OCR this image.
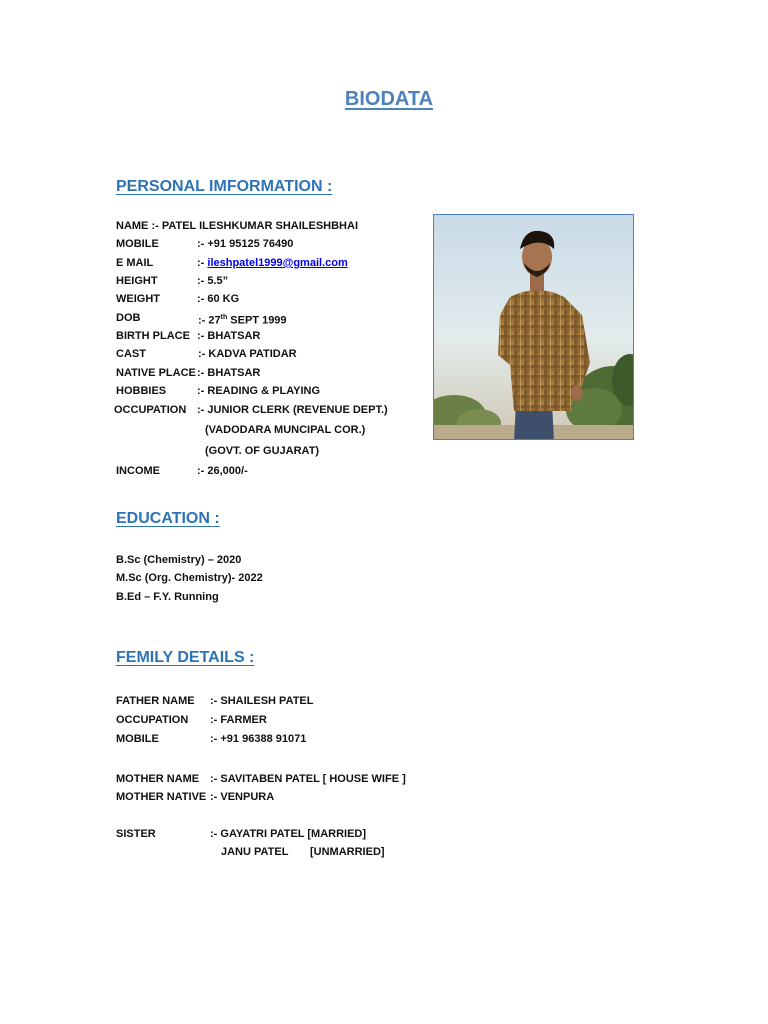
BIODATA
PERSONAL IMFORMATION :
NAME :- PATEL ILESHKUMAR SHAILESHBHAI
MOBILE	:- +91 95125 76490
E MAIL	:- ileshpatel1999@gmail.com
HEIGHT	:- 5.5”
WEIGHT	:- 60 KG
DOB	:- 27th SEPT 1999
BIRTH PLACE :- BHATSAR
CAST	:- KADVA PATIDAR
NATIVE PLACE :- BHATSAR
HOBBIES	:- READING & PLAYING
OCCUPATION :- JUNIOR CLERK (REVENUE DEPT.)
(VADODARA MUNCIPAL COR.)
(GOVT. OF GUJARAT)
INCOME	:- 26,000/-
EDUCATION :
B.Sc (Chemistry) – 2020
M.Sc (Org. Chemistry)- 2022
B.Ed – F.Y. Running
FEMILY DETAILS :
FATHER NAME :- SHAILESH PATEL
OCCUPATION :- FARMER
MOBILE	:- +91 96388 91071
MOTHER NAME :- SAVITABEN PATEL [ HOUSE WIFE ]
MOTHER NATIVE :- VENPURA
SISTER	:- GAYATRI PATEL [MARRIED]
JANU PATEL [UNMARRIED]
